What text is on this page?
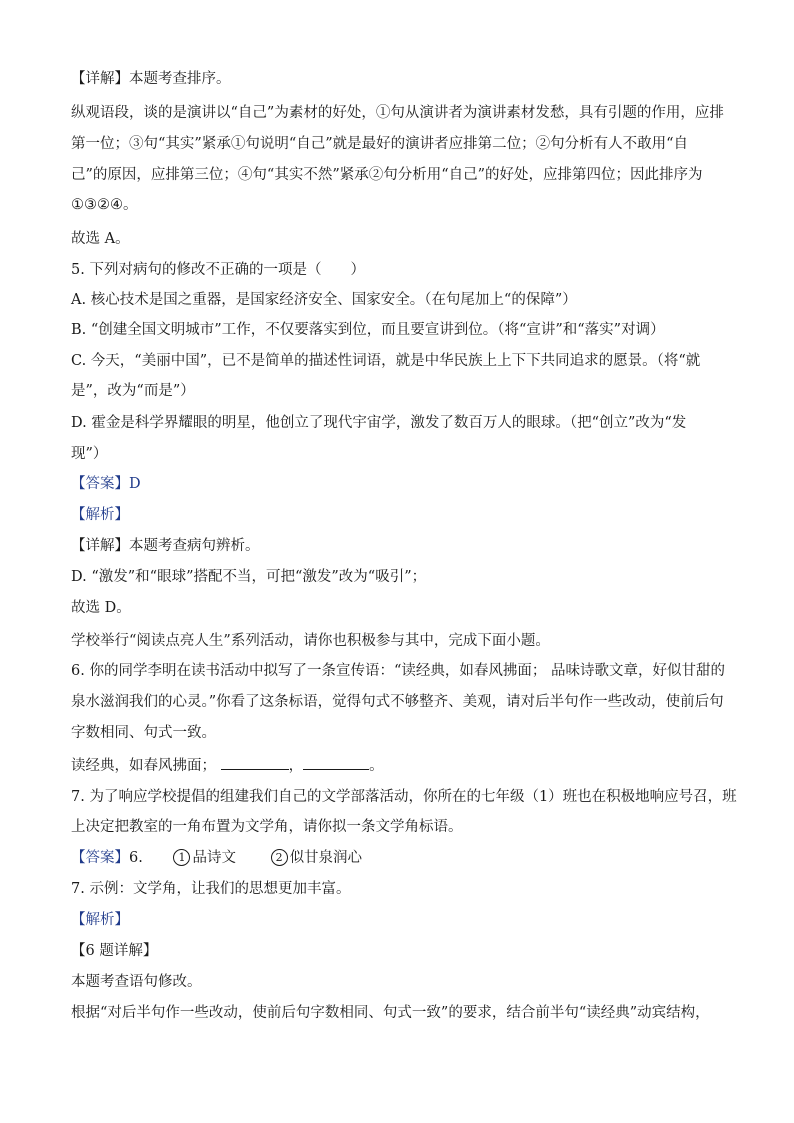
【详解】本题考查排序。
纵观语段，谈的是演讲以“自己”为素材的好处，①句从演讲者为演讲素材发愁，具有引题的作用，应排
第一位；③句“其实”紧承①句说明“自己”就是最好的演讲者应排第二位；②句分析有人不敢用“自
己”的原因，应排第三位；④句“其实不然”紧承②句分析用“自己”的好处，应排第四位；因此排序为
①③②④。
故选 A。
5. 下列对病句的修改不正确的一项是（　　）
A. 核心技术是国之重器，是国家经济安全、国家安全。（在句尾加上“的保障”）
B. “创建全国文明城市”工作，不仅要落实到位，而且要宣讲到位。（将“宣讲”和“落实”对调）
C. 今天，“美丽中国”，已不是简单的描述性词语，就是中华民族上上下下共同追求的愿景。（将“就
是”，改为“而是”）
D. 霍金是科学界耀眼的明星，他创立了现代宇宙学，激发了数百万人的眼球。（把“创立”改为“发
现”）
【答案】D
【解析】
【详解】本题考查病句辨析。
D. “激发”和“眼球”搭配不当，可把“激发”改为“吸引”；
故选 D。
学校举行“阅读点亮人生”系列活动，请你也积极参与其中，完成下面小题。
6. 你的同学李明在读书活动中拟写了一条宣传语：“读经典，如春风拂面； 品味诗歌文章，好似甘甜的
泉水滋润我们的心灵。”你看了这条标语，觉得句式不够整齐、美观，请对后半句作一些改动，使前后句
字数相同、句式一致。
读经典，如春风拂面；	，	。
7. 为了响应学校提倡的组建我们自己的文学部落活动，你所在的七年级（1）班也在积极地响应号召，班
上决定把教室的一角布置为文学角，请你拟一条文学角标语。
【答案】6.	1 品诗文	2 似甘泉润心
7. 示例：文学角，让我们的思想更加丰富。
【解析】
【6 题详解】
本题考查语句修改。
根据“对后半句作一些改动，使前后句字数相同、句式一致”的要求，结合前半句“读经典”动宾结构，
